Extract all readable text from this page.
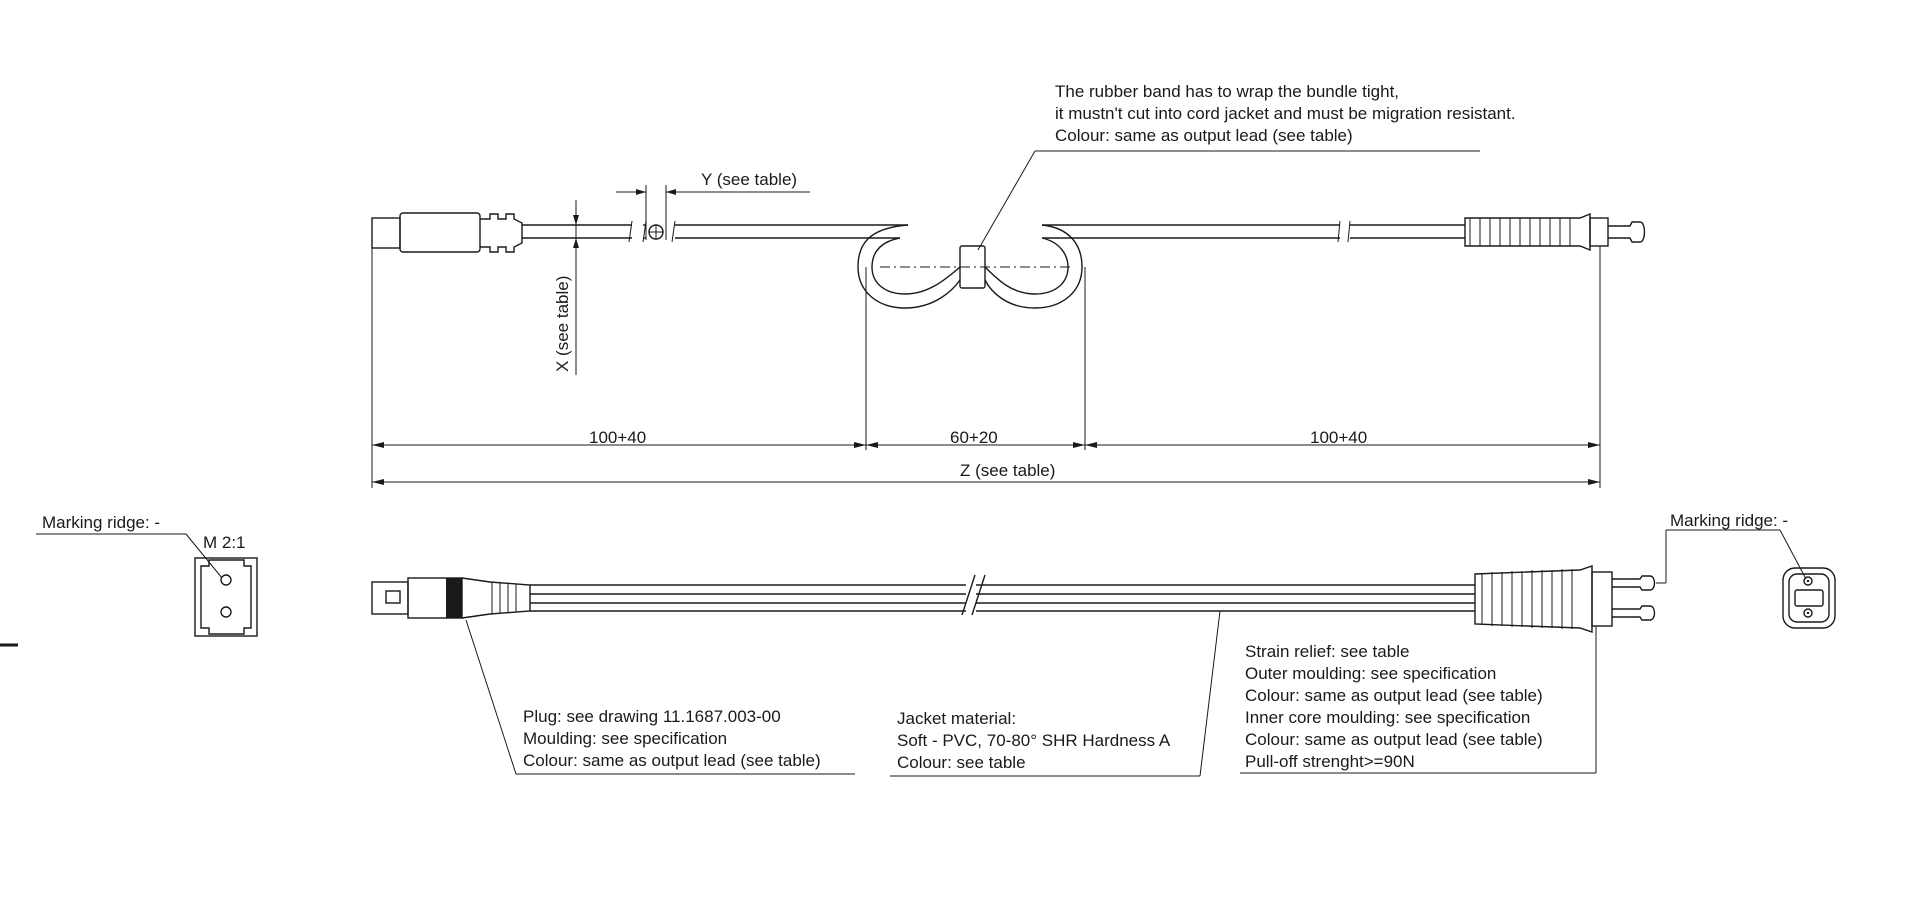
Y (see table)
X (see table)
100+40	60+20	100+40
Z (see table)
The rubber band has to wrap the bundle tight,
it mustn't cut into cord jacket and must be migration resistant.
Colour: same as output lead (see table)
Plug: see drawing 11.1687.003-00
Moulding: see specification
Colour: same as output lead (see table)
Jacket material:
Soft - PVC, 70-80° SHR Hardness A
Colour: see table
Strain relief: see table
Outer moulding: see specification
Colour: same as output lead (see table)
Inner core moulding: see specification
Colour: same as output lead (see table)
Pull-off strenght>=90N
Marking ridge: -
M 2:1
Marking ridge: -
